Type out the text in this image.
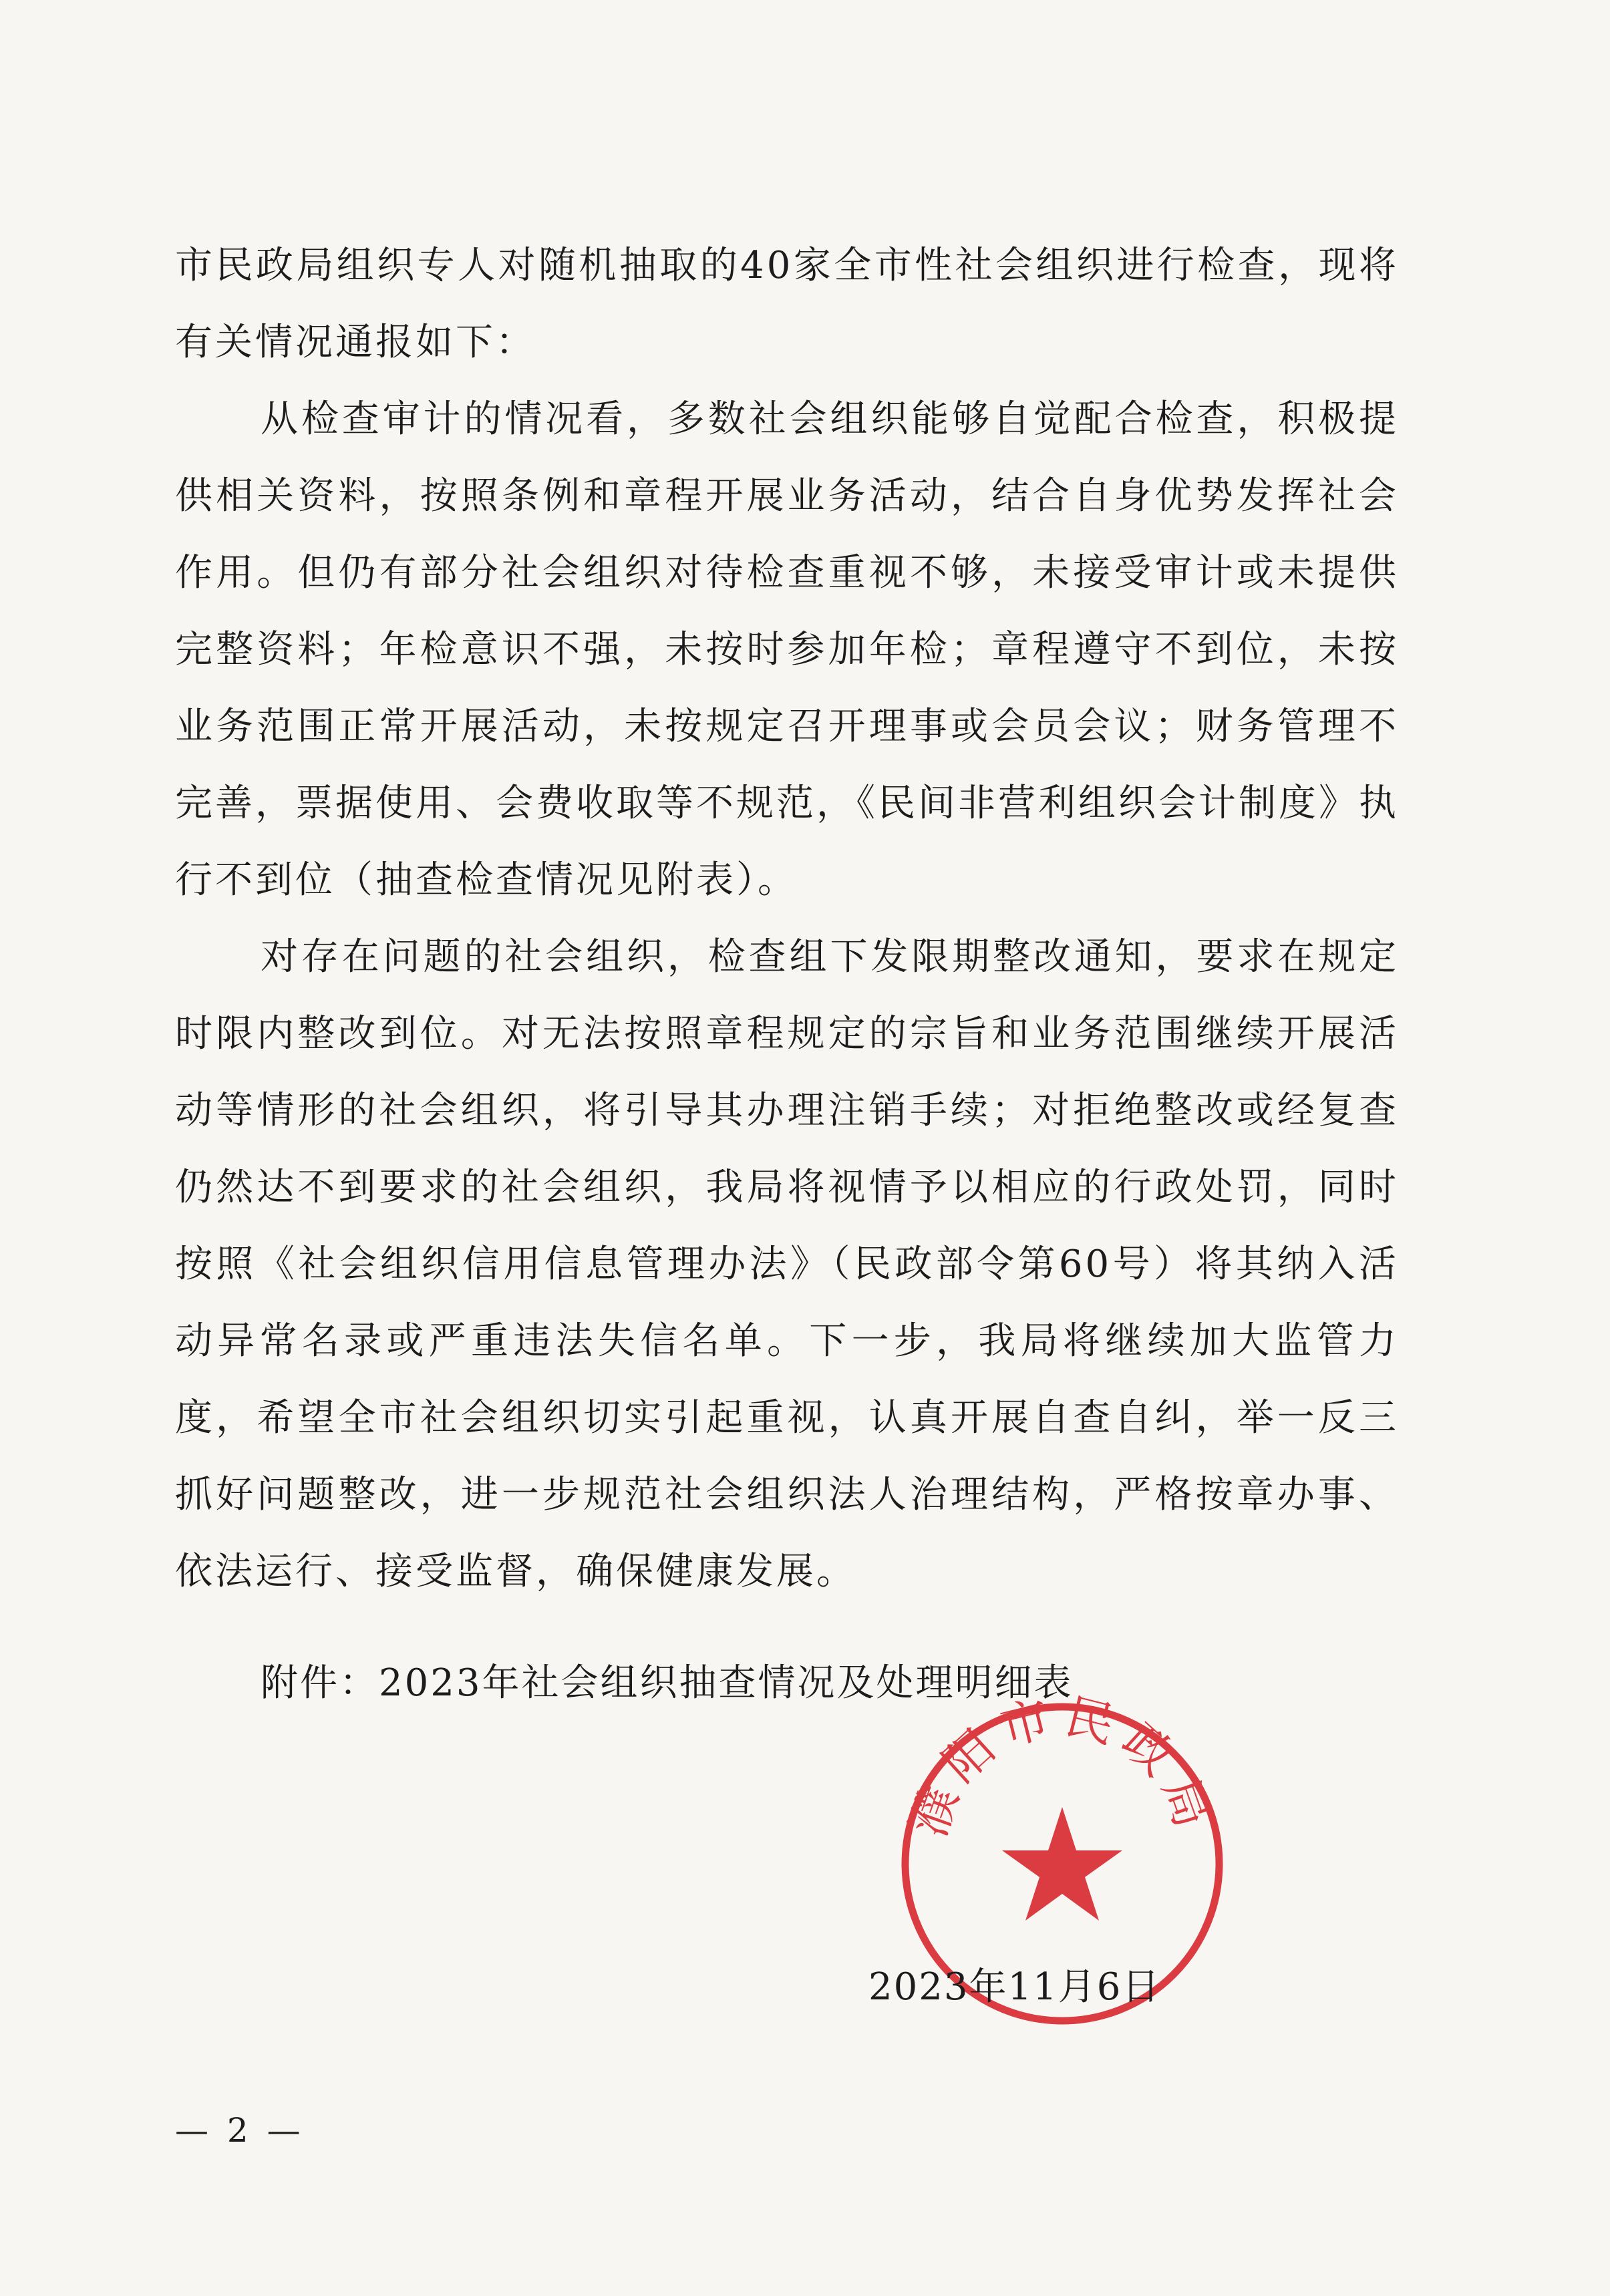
市民政局组织专人对随机抽取的40家全市性社会组织进行检查，现将有关情况通报如下：

从检查审计的情况看，多数社会组织能够自觉配合检查，积极提供相关资料，按照条例和章程开展业务活动，结合自身优势发挥社会作用。但仍有部分社会组织对待检查重视不够，未接受审计或未提供完整资料；年检意识不强，未按时参加年检；章程遵守不到位，未按业务范围正常开展活动，未按规定召开理事或会员会议；财务管理不完善，票据使用、会费收取等不规范，《民间非营利组织会计制度》执行不到位（抽查检查情况见附表）。

对存在问题的社会组织，检查组下发限期整改通知，要求在规定时限内整改到位。对无法按照章程规定的宗旨和业务范围继续开展活动等情形的社会组织，将引导其办理注销手续；对拒绝整改或经复查仍然达不到要求的社会组织，我局将视情予以相应的行政处罚，同时按照《社会组织信用信息管理办法》（民政部令第60号）将其纳入活动异常名录或严重违法失信名单。下一步，我局将继续加大监管力度，希望全市社会组织切实引起重视，认真开展自查自纠，举一反三抓好问题整改，进一步规范社会组织法人治理结构，严格按章办事、依法运行、接受监督，确保健康发展。

附件：2023年社会组织抽查情况及处理明细表

濮阳市民政局

2023年11月6日

— 2 —
